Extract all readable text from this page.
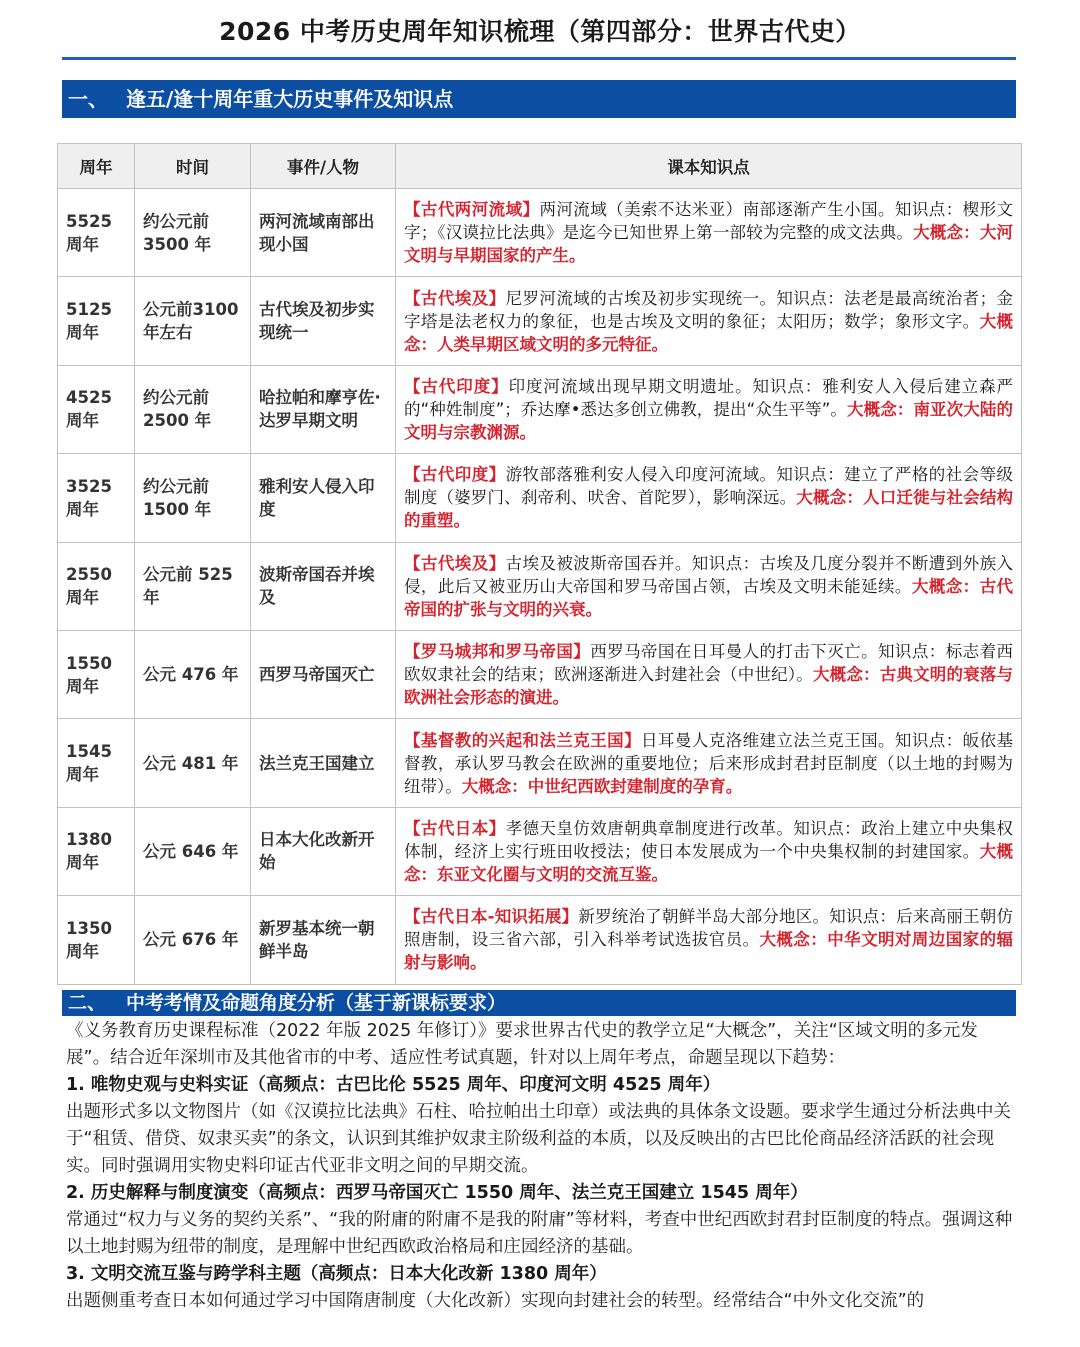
2026 中考历史周年知识梳理（第四部分：世界古代史）
一、 逢五/逢十周年重大历史事件及知识点
周年	时间	事件/人物	课本知识点
5525周年	约公元前3500 年	两河流域南部出现小国	【古代两河流域】两河流域（美索不达米亚）南部逐渐产生小国。知识点：楔形文字；《汉谟拉比法典》是迄今已知世界上第一部较为完整的成文法典。大概念：大河文明与早期国家的产生。
5125周年	公元前3100 年左右	古代埃及初步实现统一	【古代埃及】尼罗河流域的古埃及初步实现统一。知识点：法老是最高统治者；金字塔是法老权力的象征，也是古埃及文明的象征；太阳历；数学；象形文字。大概念：人类早期区域文明的多元特征。
4525周年	约公元前2500 年	哈拉帕和摩亨佐·达罗早期文明	【古代印度】印度河流域出现早期文明遗址。知识点：雅利安人入侵后建立森严的“种姓制度”；乔达摩•悉达多创立佛教，提出“众生平等”。大概念：南亚次大陆的文明与宗教渊源。
3525周年	约公元前1500 年	雅利安人侵入印度	【古代印度】游牧部落雅利安人侵入印度河流域。知识点：建立了严格的社会等级制度（婆罗门、刹帝利、吠舍、首陀罗），影响深远。大概念：人口迁徙与社会结构的重塑。
2550周年	公元前 525 年	波斯帝国吞并埃及	【古代埃及】古埃及被波斯帝国吞并。知识点：古埃及几度分裂并不断遭到外族入侵，此后又被亚历山大帝国和罗马帝国占领，古埃及文明未能延续。大概念：古代帝国的扩张与文明的兴衰。
1550周年	公元 476 年	西罗马帝国灭亡	【罗马城邦和罗马帝国】西罗马帝国在日耳曼人的打击下灭亡。知识点：标志着西欧奴隶社会的结束；欧洲逐渐进入封建社会（中世纪）。大概念：古典文明的衰落与欧洲社会形态的演进。
1545周年	公元 481 年	法兰克王国建立	【基督教的兴起和法兰克王国】日耳曼人克洛维建立法兰克王国。知识点：皈依基督教，承认罗马教会在欧洲的重要地位；后来形成封君封臣制度（以土地的封赐为纽带）。大概念：中世纪西欧封建制度的孕育。
1380周年	公元 646 年	日本大化改新开始	【古代日本】孝德天皇仿效唐朝典章制度进行改革。知识点：政治上建立中央集权体制，经济上实行班田收授法；使日本发展成为一个中央集权制的封建国家。大概念：东亚文化圈与文明的交流互鉴。
1350周年	公元 676 年	新罗基本统一朝鲜半岛	【古代日本-知识拓展】新罗统治了朝鲜半岛大部分地区。知识点：后来高丽王朝仿照唐制，设三省六部，引入科举考试选拔官员。大概念：中华文明对周边国家的辐射与影响。
二、 中考考情及命题角度分析（基于新课标要求）

《义务教育历史课程标准（2022 年版 2025 年修订）》要求世界古代史的教学立足“大概念”，关注“区域文明的多元发展”。结合近年深圳市及其他省市的中考、适应性考试真题，针对以上周年考点，命题呈现以下趋势：

1. 唯物史观与史料实证（高频点：古巴比伦 5525 周年、印度河文明 4525 周年）

出题形式多以文物图片（如《汉谟拉比法典》石柱、哈拉帕出土印章）或法典的具体条文设题。要求学生通过分析法典中关于“租赁、借贷、奴隶买卖”的条文，认识到其维护奴隶主阶级利益的本质，以及反映出的古巴比伦商品经济活跃的社会现实。同时强调用实物史料印证古代亚非文明之间的早期交流。

2. 历史解释与制度演变（高频点：西罗马帝国灭亡 1550 周年、法兰克王国建立 1545 周年）

常通过“权力与义务的契约关系”、“我的附庸的附庸不是我的附庸”等材料，考查中世纪西欧封君封臣制度的特点。强调这种以土地封赐为纽带的制度，是理解中世纪西欧政治格局和庄园经济的基础。

3. 文明交流互鉴与跨学科主题（高频点：日本大化改新 1380 周年）

出题侧重考查日本如何通过学习中国隋唐制度（大化改新）实现向封建社会的转型。经常结合“中外文化交流”的
